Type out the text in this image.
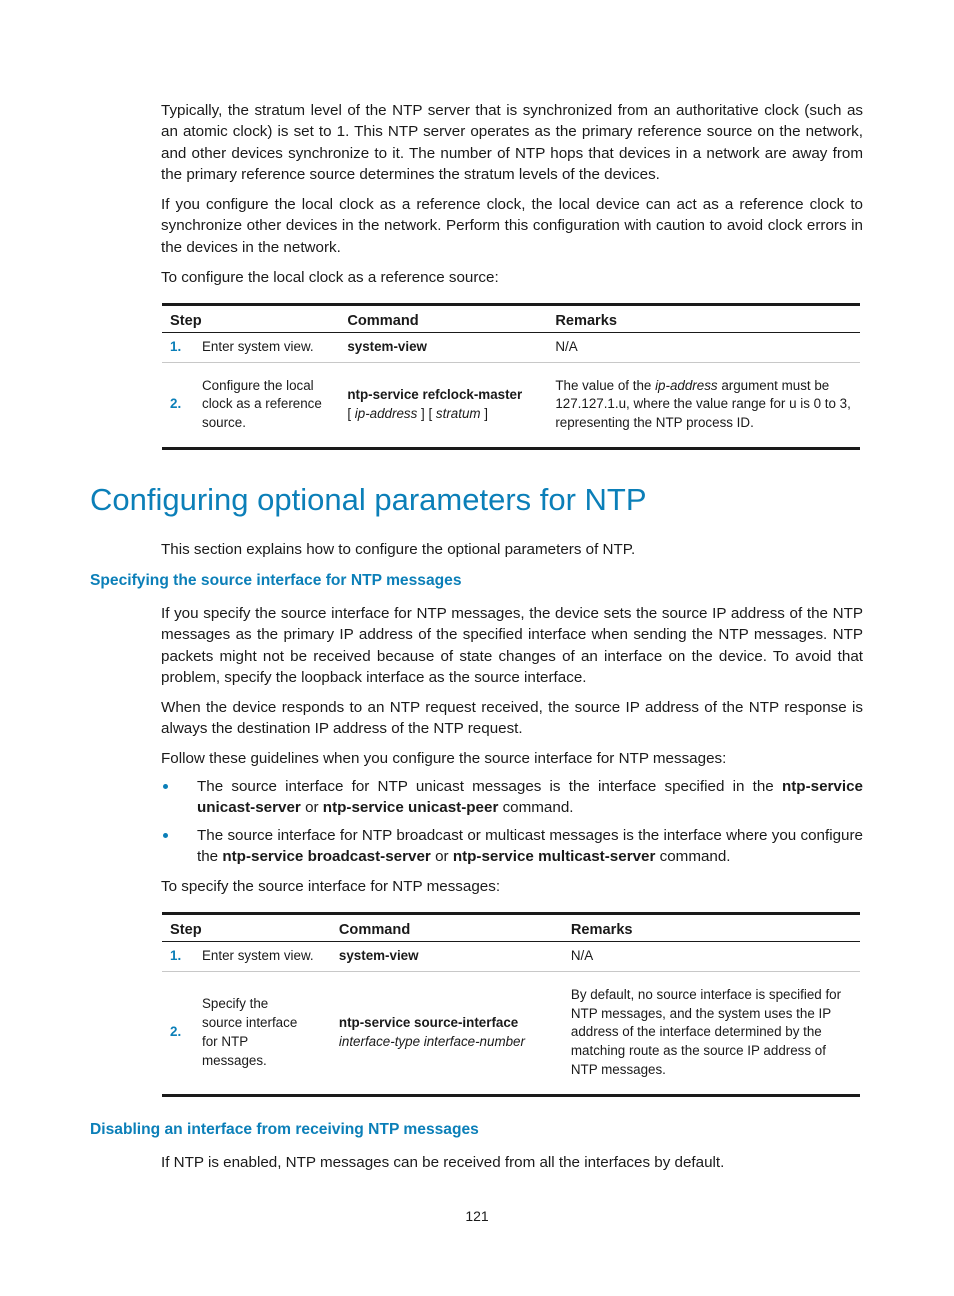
Typically, the stratum level of the NTP server that is synchronized from an authoritative clock (such as an atomic clock) is set to 1. This NTP server operates as the primary reference source on the network, and other devices synchronize to it. The number of NTP hops that devices in a network are away from the primary reference source determines the stratum levels of the devices.

If you configure the local clock as a reference clock, the local device can act as a reference clock to synchronize other devices in the network. Perform this configuration with caution to avoid clock errors in the devices in the network.

To configure the local clock as a reference source:

Step		Command	Remarks
1.	Enter system view.	system-view	N/A
2.	Configure the local clock as a reference source.	ntp-service refclock-master
[ ip-address ] [ stratum ]	The value of the ip-address argument must be 127.127.1.u, where the value range for u is 0 to 3, representing the NTP process ID.
Configuring optional parameters for NTP

This section explains how to configure the optional parameters of NTP.

Specifying the source interface for NTP messages

If you specify the source interface for NTP messages, the device sets the source IP address of the NTP messages as the primary IP address of the specified interface when sending the NTP messages. NTP packets might not be received because of state changes of an interface on the device. To avoid that problem, specify the loopback interface as the source interface.

When the device responds to an NTP request received, the source IP address of the NTP response is always the destination IP address of the NTP request.

Follow these guidelines when you configure the source interface for NTP messages:

The source interface for NTP unicast messages is the interface specified in the ntp-service unicast-server or ntp-service unicast-peer command.
The source interface for NTP broadcast or multicast messages is the interface where you configure the ntp-service broadcast-server or ntp-service multicast-server command.

To specify the source interface for NTP messages:

Step		Command	Remarks
1.	Enter system view.	system-view	N/A
2.	Specify the source interface for NTP messages.	ntp-service source-interface
interface-type interface-number	By default, no source interface is specified for NTP messages, and the system uses the IP address of the interface determined by the matching route as the source IP address of NTP messages.
Disabling an interface from receiving NTP messages

If NTP is enabled, NTP messages can be received from all the interfaces by default.

121
